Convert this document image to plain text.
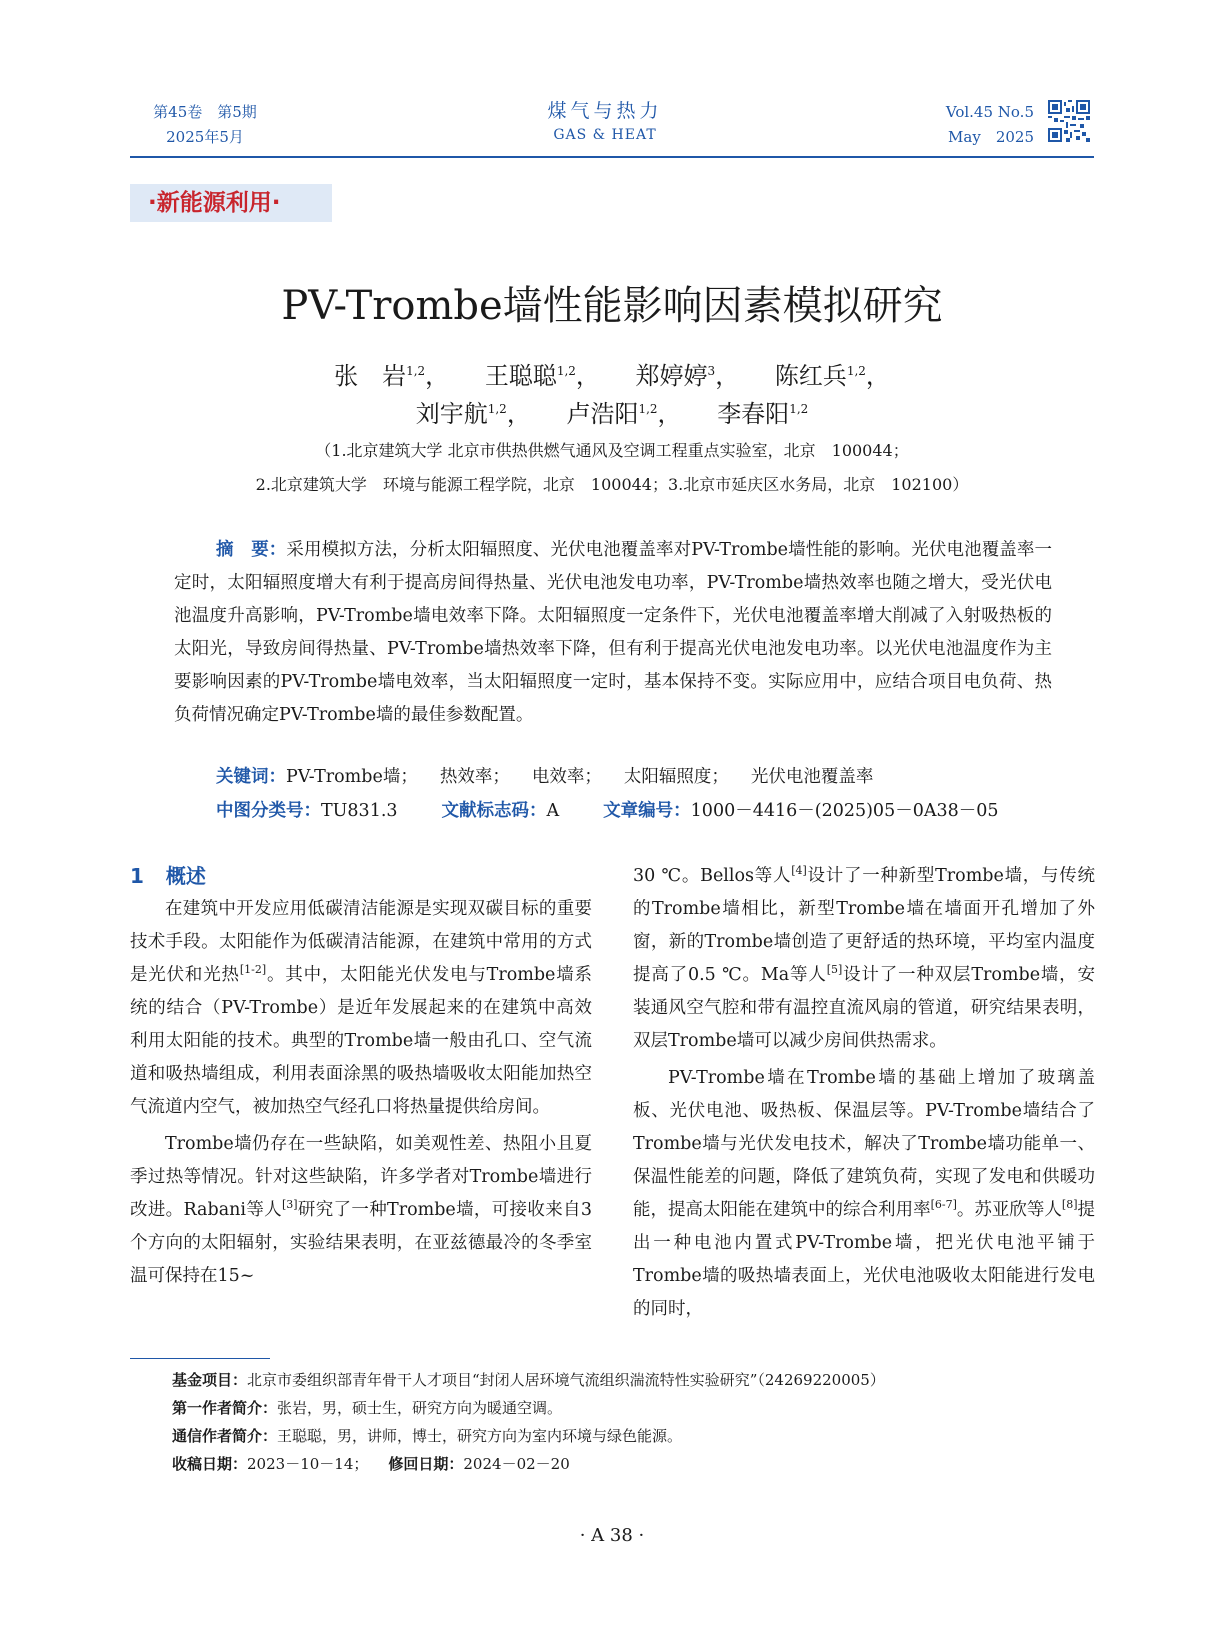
第45卷　第5期
2025年5月
煤气与热力
GAS & HEAT
Vol.45 No.5
May　2025
·新能源利用·
PV-Trombe墙性能影响因素模拟研究
张　岩$^{1,2}$， 王聪聪$^{1,2}$， 郑婷婷$^3$， 陈红兵$^{1,2}$，
刘宇航$^{1,2}$， 卢浩阳$^{1,2}$， 李春阳$^{1,2}$
（1.北京建筑大学 北京市供热供燃气通风及空调工程重点实验室，北京　100044；
2.北京建筑大学　环境与能源工程学院，北京　100044；3.北京市延庆区水务局，北京　102100）
摘　要：采用模拟方法，分析太阳辐照度、光伏电池覆盖率对PV-Trombe墙性能的影响。光伏电池覆盖率一定时，太阳辐照度增大有利于提高房间得热量、光伏电池发电功率，PV-Trombe墙热效率也随之增大，受光伏电池温度升高影响，PV-Trombe墙电效率下降。太阳辐照度一定条件下，光伏电池覆盖率增大削减了入射吸热板的太阳光，导致房间得热量、PV-Trombe墙热效率下降，但有利于提高光伏电池发电功率。以光伏电池温度作为主要影响因素的PV-Trombe墙电效率，当太阳辐照度一定时，基本保持不变。实际应用中，应结合项目电负荷、热负荷情况确定PV-Trombe墙的最佳参数配置。
关键词：PV-Trombe墙； 热效率； 电效率； 太阳辐照度； 光伏电池覆盖率
中图分类号：TU831.3	文献标志码：A	文章编号：1000－4416－(2025)05－0A38－05
1 概述

在建筑中开发应用低碳清洁能源是实现双碳目标的重要技术手段。太阳能作为低碳清洁能源，在建筑中常用的方式是光伏和光热[1-2]。其中，太阳能光伏发电与Trombe墙系统的结合（PV-Trombe）是近年发展起来的在建筑中高效利用太阳能的技术。典型的Trombe墙一般由孔口、空气流道和吸热墙组成，利用表面涂黑的吸热墙吸收太阳能加热空气流道内空气，被加热空气经孔口将热量提供给房间。

Trombe墙仍存在一些缺陷，如美观性差、热阻小且夏季过热等情况。针对这些缺陷，许多学者对Trombe墙进行改进。Rabani等人[3]研究了一种Trombe墙，可接收来自3个方向的太阳辐射，实验结果表明，在亚兹德最冷的冬季室温可保持在15~

30 ℃。Bellos等人[4]设计了一种新型Trombe墙，与传统的Trombe墙相比，新型Trombe墙在墙面开孔增加了外窗，新的Trombe墙创造了更舒适的热环境，平均室内温度提高了0.5 ℃。Ma等人[5]设计了一种双层Trombe墙，安装通风空气腔和带有温控直流风扇的管道，研究结果表明，双层Trombe墙可以减少房间供热需求。

PV-Trombe墙在Trombe墙的基础上增加了玻璃盖板、光伏电池、吸热板、保温层等。PV-Trombe墙结合了Trombe墙与光伏发电技术，解决了Trombe墙功能单一、保温性能差的问题，降低了建筑负荷，实现了发电和供暖功能，提高太阳能在建筑中的综合利用率[6-7]。苏亚欣等人[8]提出一种电池内置式PV-Trombe墙，把光伏电池平铺于Trombe墙的吸热墙表面上，光伏电池吸收太阳能进行发电的同时，

基金项目：北京市委组织部青年骨干人才项目“封闭人居环境气流组织湍流特性实验研究”（24269220005）
第一作者简介：张岩，男，硕士生，研究方向为暖通空调。
通信作者简介：王聪聪，男，讲师，博士，研究方向为室内环境与绿色能源。
收稿日期：2023－10－14； 修回日期：2024－02－20
· A 38 ·
